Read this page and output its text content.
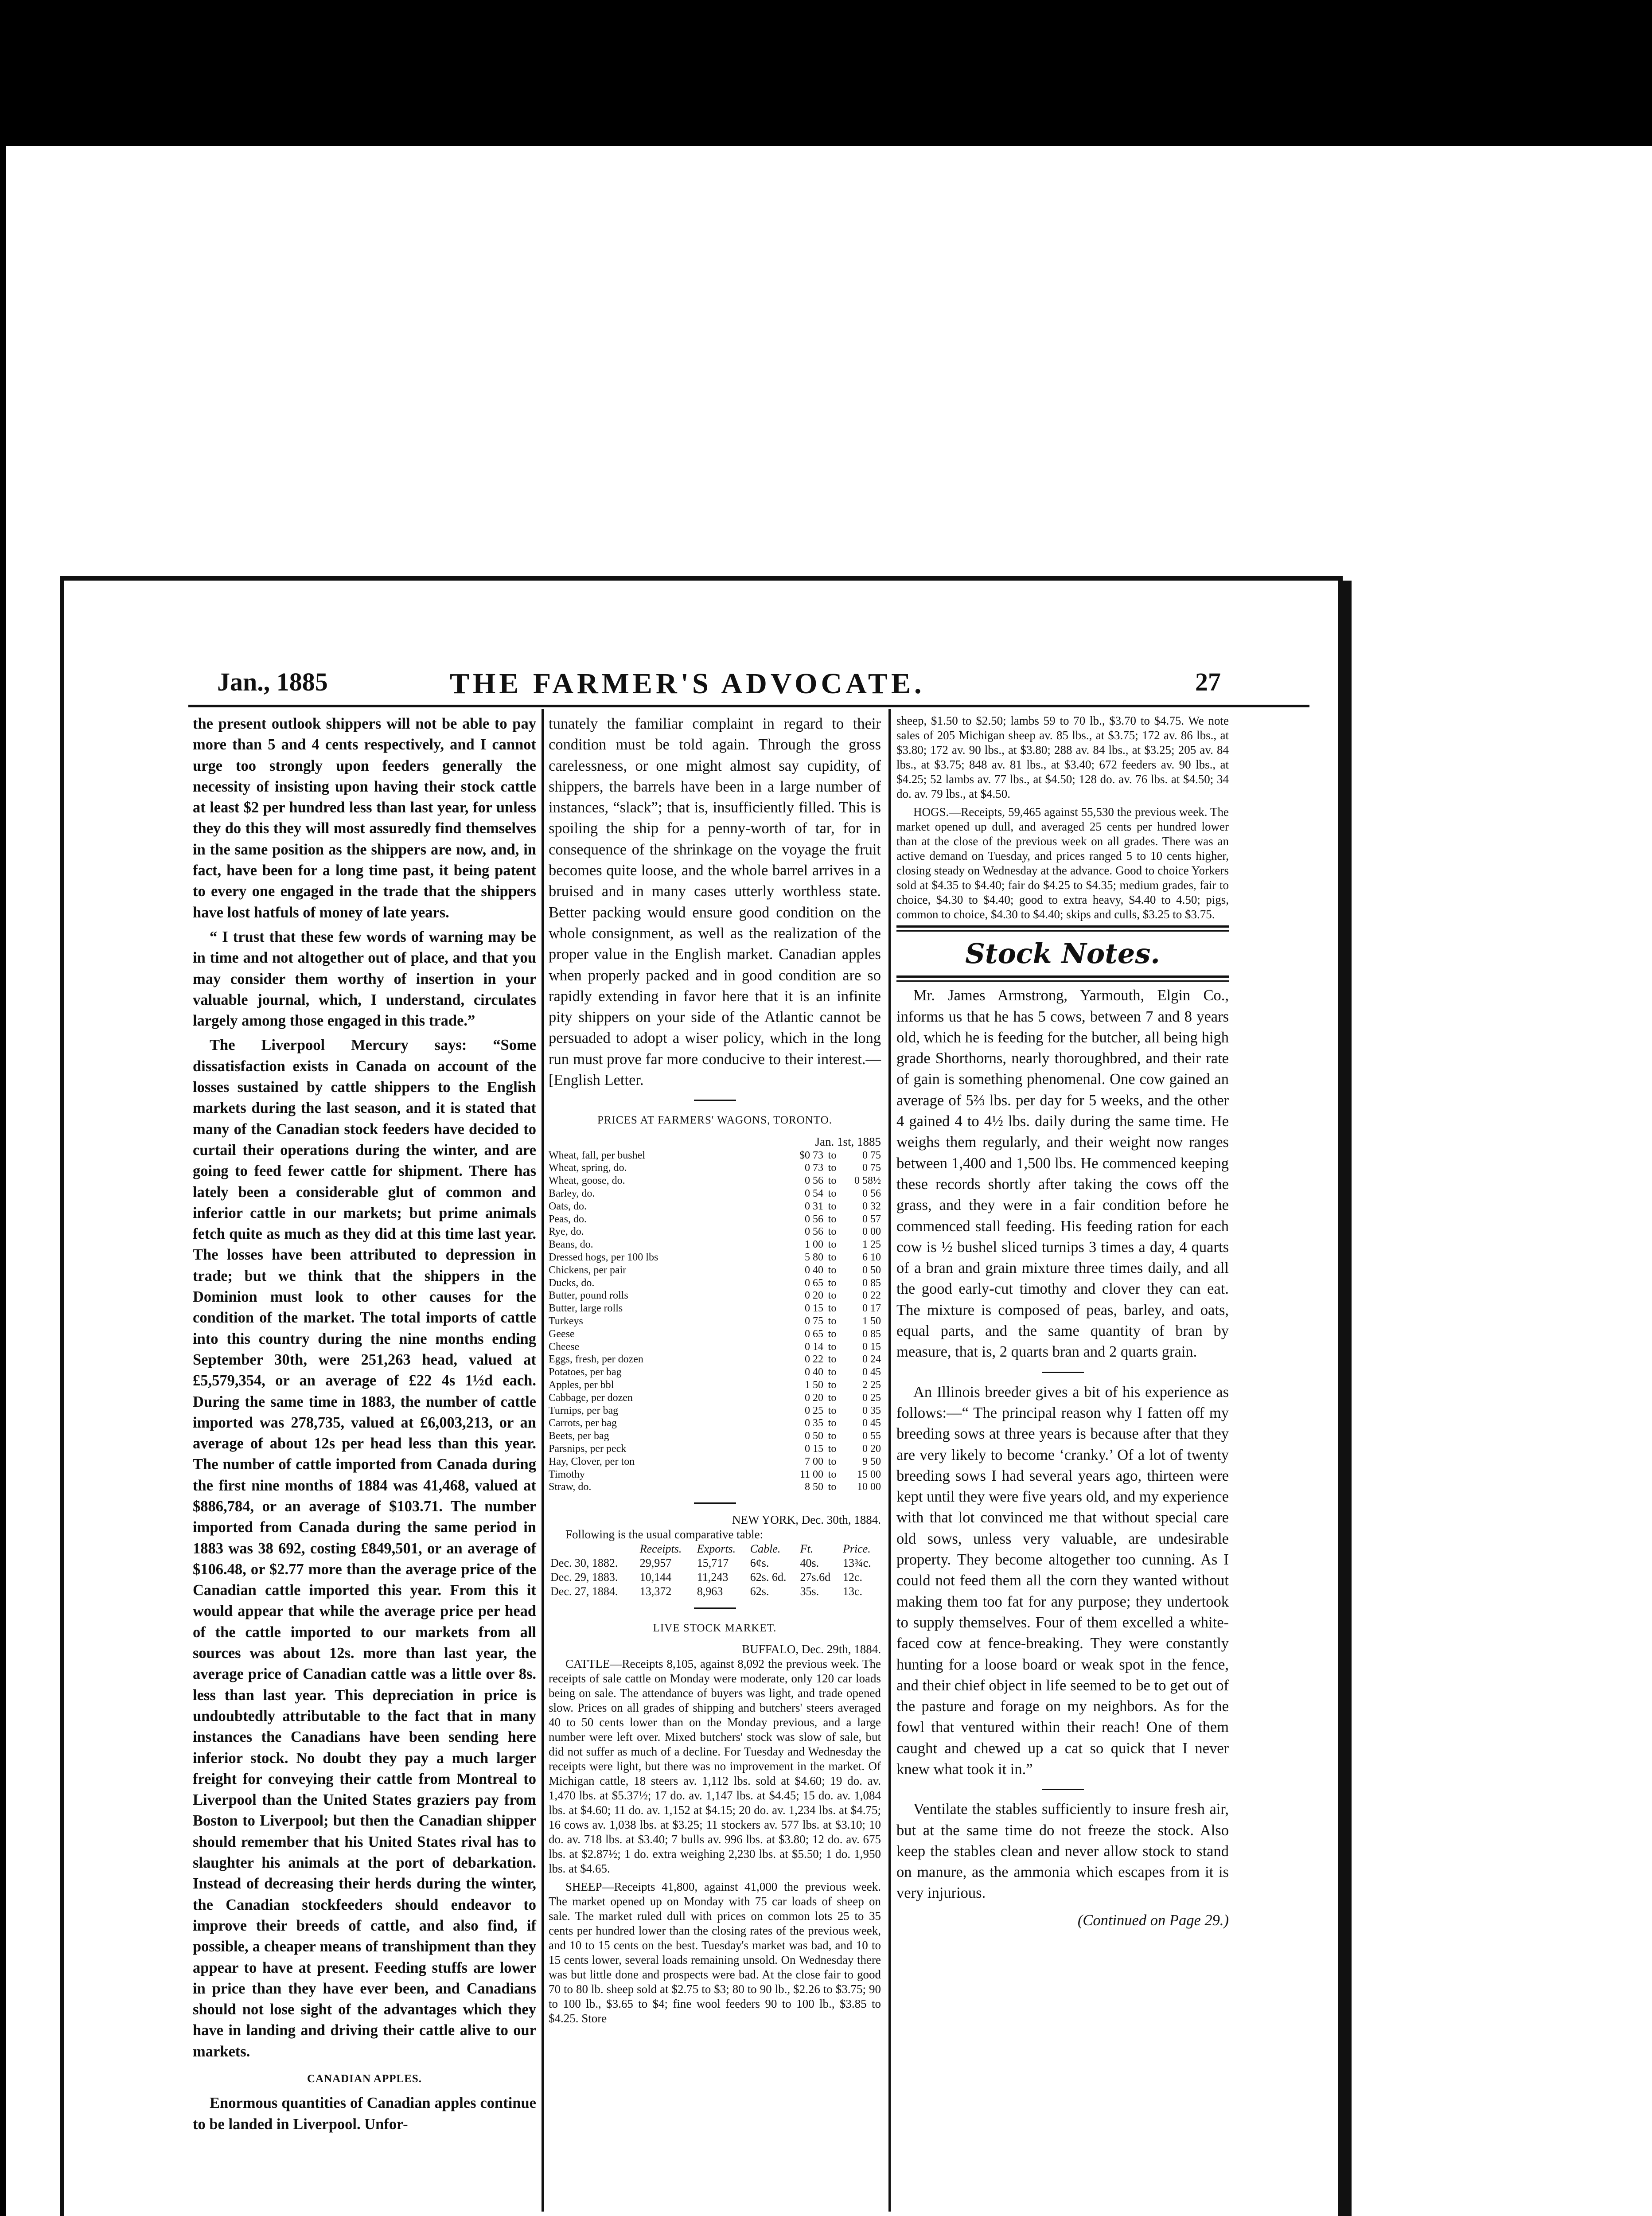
Jan., 1885	THE FARMER'S ADVOCATE.	27

the present outlook shippers will not be able to pay more than 5 and 4 cents respectively, and I cannot urge too strongly upon feeders generally the necessity of insisting upon having their stock cattle at least $2 per hundred less than last year, for unless they do this they will most assuredly find themselves in the same position as the shippers are now, and, in fact, have been for a long time past, it being patent to every one engaged in the trade that the shippers have lost hatfuls of money of late years.

“ I trust that these few words of warning may be in time and not altogether out of place, and that you may consider them worthy of insertion in your valuable journal, which, I understand, circulates largely among those engaged in this trade.”

The Liverpool Mercury says: “Some dissatisfaction exists in Canada on account of the losses sustained by cattle shippers to the English markets during the last season, and it is stated that many of the Canadian stock feeders have decided to curtail their operations during the winter, and are going to feed fewer cattle for shipment. There has lately been a considerable glut of common and inferior cattle in our markets; but prime animals fetch quite as much as they did at this time last year. The losses have been attributed to depression in trade; but we think that the shippers in the Dominion must look to other causes for the condition of the market. The total imports of cattle into this country during the nine months ending September 30th, were 251,263 head, valued at £5,579,354, or an average of £22 4s 1½d each. During the same time in 1883, the number of cattle imported was 278,735, valued at £6,003,213, or an average of about 12s per head less than this year. The number of cattle imported from Canada during the first nine months of 1884 was 41,468, valued at $886,784, or an average of $103.71. The number imported from Canada during the same period in 1883 was 38 692, costing £849,501, or an average of $106.48, or $2.77 more than the average price of the Canadian cattle imported this year. From this it would appear that while the average price per head of the cattle imported to our markets from all sources was about 12s. more than last year, the average price of Canadian cattle was a little over 8s. less than last year. This depreciation in price is undoubtedly attributable to the fact that in many instances the Canadians have been sending here inferior stock. No doubt they pay a much larger freight for conveying their cattle from Montreal to Liverpool than the United States graziers pay from Boston to Liverpool; but then the Canadian shipper should remember that his United States rival has to slaughter his animals at the port of debarkation. Instead of decreasing their herds during the winter, the Canadian stockfeeders should endeavor to improve their breeds of cattle, and also find, if possible, a cheaper means of transhipment than they appear to have at present. Feeding stuffs are lower in price than they have ever been, and Canadians should not lose sight of the advantages which they have in landing and driving their cattle alive to our markets.

CANADIAN APPLES.

Enormous quantities of Canadian apples continue to be landed in Liverpool. Unfor-

tunately the familiar complaint in regard to their condition must be told again. Through the gross carelessness, or one might almost say cupidity, of shippers, the barrels have been in a large number of instances, “slack”; that is, insufficiently filled. This is spoiling the ship for a penny-worth of tar, for in consequence of the shrinkage on the voyage the fruit becomes quite loose, and the whole barrel arrives in a bruised and in many cases utterly worthless state. Better packing would ensure good condition on the whole consignment, as well as the realization of the proper value in the English market. Canadian apples when properly packed and in good condition are so rapidly extending in favor here that it is an infinite pity shippers on your side of the Atlantic cannot be persuaded to adopt a wiser policy, which in the long run must prove far more conducive to their interest.—[English Letter.

PRICES AT FARMERS' WAGONS, TORONTO.
Jan. 1st, 1885
Wheat, fall, per bushel	$0 73	to	0 75
Wheat, spring, do.	0 73	to	0 75
Wheat, goose, do.	0 56	to	0 58½
Barley, do.	0 54	to	0 56
Oats, do.	0 31	to	0 32
Peas, do.	0 56	to	0 57
Rye, do.	0 56	to	0 00
Beans, do.	1 00	to	1 25
Dressed hogs, per 100 lbs	5 80	to	6 10
Chickens, per pair	0 40	to	0 50
Ducks, do.	0 65	to	0 85
Butter, pound rolls	0 20	to	0 22
Butter, large rolls	0 15	to	0 17
Turkeys	0 75	to	1 50
Geese	0 65	to	0 85
Cheese	0 14	to	0 15
Eggs, fresh, per dozen	0 22	to	0 24
Potatoes, per bag	0 40	to	0 45
Apples, per bbl	1 50	to	2 25
Cabbage, per dozen	0 20	to	0 25
Turnips, per bag	0 25	to	0 35
Carrots, per bag	0 35	to	0 45
Beets, per bag	0 50	to	0 55
Parsnips, per peck	0 15	to	0 20
Hay, Clover, per ton	7 00	to	9 50
Timothy	11 00	to	15 00
Straw, do.	8 50	to	10 00
NEW YORK, Dec. 30th, 1884.
Following is the usual comparative table:
	Receipts.	Exports.	Cable.	Ft.	Price.
Dec. 30, 1882.	29,957	15,717	6¢s.	40s.	13¾c.
Dec. 29, 1883.	10,144	11,243	62s. 6d.	27s.6d	12c.
Dec. 27, 1884.	13,372	8,963	62s.	35s.	13c.
LIVE STOCK MARKET.
BUFFALO, Dec. 29th, 1884.

CATTLE—Receipts 8,105, against 8,092 the previous week. The receipts of sale cattle on Monday were moderate, only 120 car loads being on sale. The attendance of buyers was light, and trade opened slow. Prices on all grades of shipping and butchers' steers averaged 40 to 50 cents lower than on the Monday previous, and a large number were left over. Mixed butchers' stock was slow of sale, but did not suffer as much of a decline. For Tuesday and Wednesday the receipts were light, but there was no improvement in the market. Of Michigan cattle, 18 steers av. 1,112 lbs. sold at $4.60; 19 do. av. 1,470 lbs. at $5.37½; 17 do. av. 1,147 lbs. at $4.45; 15 do. av. 1,084 lbs. at $4.60; 11 do. av. 1,152 at $4.15; 20 do. av. 1,234 lbs. at $4.75; 16 cows av. 1,038 lbs. at $3.25; 11 stockers av. 577 lbs. at $3.10; 10 do. av. 718 lbs. at $3.40; 7 bulls av. 996 lbs. at $3.80; 12 do. av. 675 lbs. at $2.87½; 1 do. extra weighing 2,230 lbs. at $5.50; 1 do. 1,950 lbs. at $4.65.

SHEEP—Receipts 41,800, against 41,000 the previous week. The market opened up on Monday with 75 car loads of sheep on sale. The market ruled dull with prices on common lots 25 to 35 cents per hundred lower than the closing rates of the previous week, and 10 to 15 cents on the best. Tuesday's market was bad, and 10 to 15 cents lower, several loads remaining unsold. On Wednesday there was but little done and prospects were bad. At the close fair to good 70 to 80 lb. sheep sold at $2.75 to $3; 80 to 90 lb., $2.26 to $3.75; 90 to 100 lb., $3.65 to $4; fine wool feeders 90 to 100 lb., $3.85 to $4.25. Store

sheep, $1.50 to $2.50; lambs 59 to 70 lb., $3.70 to $4.75. We note sales of 205 Michigan sheep av. 85 lbs., at $3.75; 172 av. 86 lbs., at $3.80; 172 av. 90 lbs., at $3.80; 288 av. 84 lbs., at $3.25; 205 av. 84 lbs., at $3.75; 848 av. 81 lbs., at $3.40; 672 feeders av. 90 lbs., at $4.25; 52 lambs av. 77 lbs., at $4.50; 128 do. av. 76 lbs. at $4.50; 34 do. av. 79 lbs., at $4.50.

HOGS.—Receipts, 59,465 against 55,530 the previous week. The market opened up dull, and averaged 25 cents per hundred lower than at the close of the previous week on all grades. There was an active demand on Tuesday, and prices ranged 5 to 10 cents higher, closing steady on Wednesday at the advance. Good to choice Yorkers sold at $4.35 to $4.40; fair do $4.25 to $4.35; medium grades, fair to choice, $4.30 to $4.40; good to extra heavy, $4.40 to 4.50; pigs, common to choice, $4.30 to $4.40; skips and culls, $3.25 to $3.75.

Stock Notes.

Mr. James Armstrong, Yarmouth, Elgin Co., informs us that he has 5 cows, between 7 and 8 years old, which he is feeding for the butcher, all being high grade Shorthorns, nearly thoroughbred, and their rate of gain is something phenomenal. One cow gained an average of 5⅔ lbs. per day for 5 weeks, and the other 4 gained 4 to 4½ lbs. daily during the same time. He weighs them regularly, and their weight now ranges between 1,400 and 1,500 lbs. He commenced keeping these records shortly after taking the cows off the grass, and they were in a fair condition before he commenced stall feeding. His feeding ration for each cow is ½ bushel sliced turnips 3 times a day, 4 quarts of a bran and grain mixture three times daily, and all the good early-cut timothy and clover they can eat. The mixture is composed of peas, barley, and oats, equal parts, and the same quantity of bran by measure, that is, 2 quarts bran and 2 quarts grain.

An Illinois breeder gives a bit of his experience as follows:—“ The principal reason why I fatten off my breeding sows at three years is because after that they are very likely to become ‘cranky.’ Of a lot of twenty breeding sows I had several years ago, thirteen were kept until they were five years old, and my experience with that lot convinced me that without special care old sows, unless very valuable, are undesirable property. They become altogether too cunning. As I could not feed them all the corn they wanted without making them too fat for any purpose; they undertook to supply themselves. Four of them excelled a white-faced cow at fence-breaking. They were constantly hunting for a loose board or weak spot in the fence, and their chief object in life seemed to be to get out of the pasture and forage on my neighbors. As for the fowl that ventured within their reach! One of them caught and chewed up a cat so quick that I never knew what took it in.”

Ventilate the stables sufficiently to insure fresh air, but at the same time do not freeze the stock. Also keep the stables clean and never allow stock to stand on manure, as the ammonia which escapes from it is very injurious.

(Continued on Page 29.)
